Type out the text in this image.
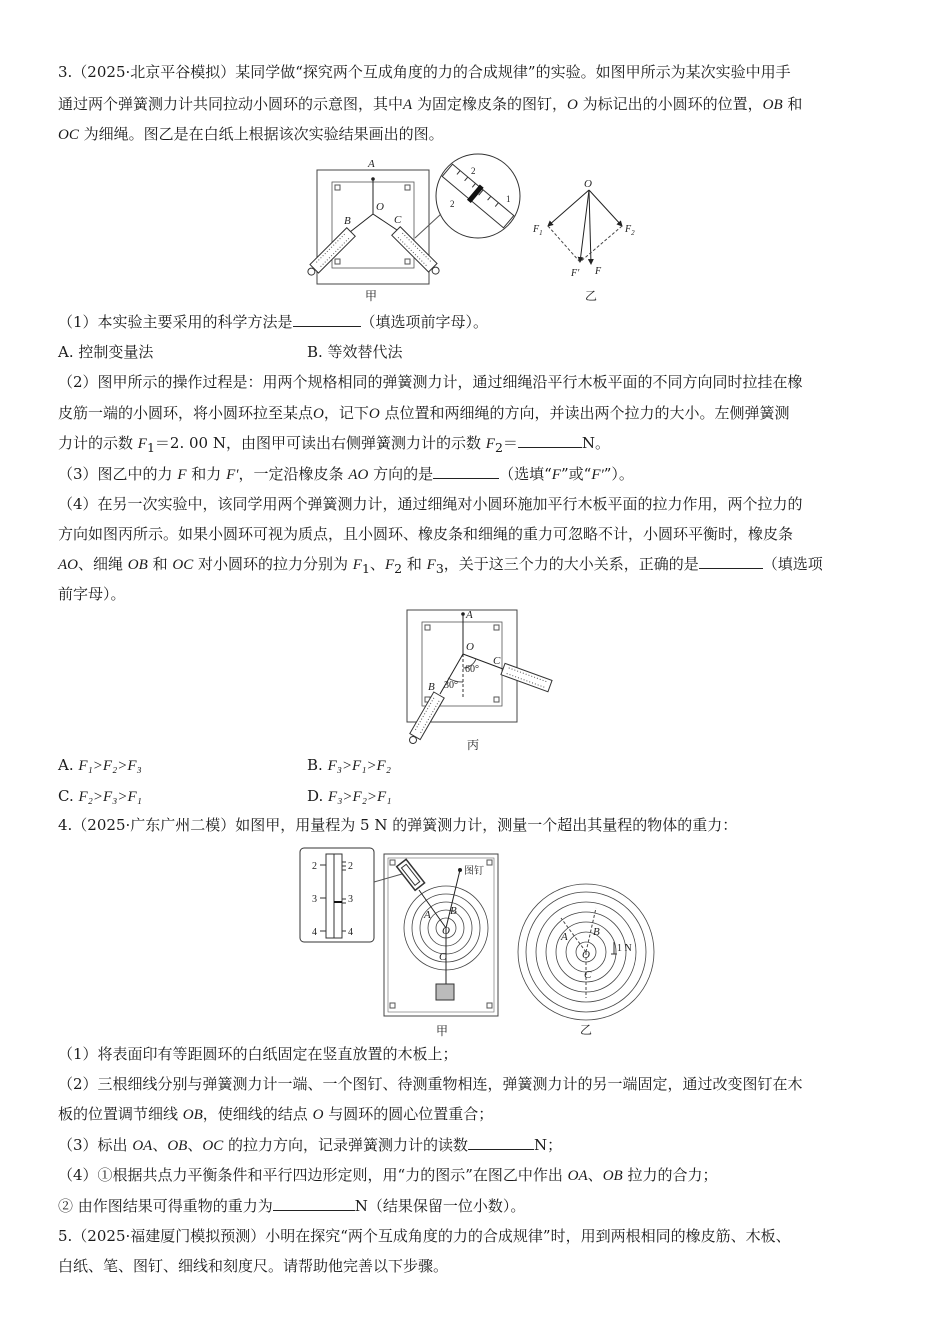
3.（2025·北京平谷模拟）某同学做“探究两个互成角度的力的合成规律”的实验。如图甲所示为某次实验中用手
通过两个弹簧测力计共同拉动小圆环的示意图，其中A 为固定橡皮条的图钉，O 为标记出的小圆环的位置，OB 和
OC 为细绳。图乙是在白纸上根据该次实验结果画出的图。
A
O
B	C
2
2	1
甲
O
$F_1$	$F_2$
F′ F
乙
（1）本实验主要采用的科学方法是	（填选项前字母）。
A. 控制变量法	B. 等效替代法
（2）图甲所示的操作过程是：用两个规格相同的弹簧测力计，通过细绳沿平行木板平面的不同方向同时拉挂在橡
皮筋一端的小圆环，将小圆环拉至某点O，记下O 点位置和两细绳的方向，并读出两个拉力的大小。左侧弹簧测
力计的示数 $F_1=2$. 00 N，由图甲可读出右侧弹簧测力计的示数 $F_2=$	N。
（3）图乙中的力 F 和力 F′，一定沿橡皮条 AO 方向的是	（选填“F”或“F′”）。
（4）在另一次实验中，该同学用两个弹簧测力计，通过细绳对小圆环施加平行木板平面的拉力作用，两个拉力的
方向如图丙所示。如果小圆环可视为质点，且小圆环、橡皮条和细绳的重力可忽略不计，小圆环平衡时，橡皮条
AO、细绳 OB 和 OC 对小圆环的拉力分别为 $F_1$、$F_2$ 和 $F_3$，关于这三个力的大小关系，正确的是	（填选项
前字母）。
A
O
B
C
60°
30°
丙
A. F₁>F₂>F₃	B. F₃>F₁>F₂
C. F₂>F₃>F₁	D. F₃>F₂>F₁
4.（2025·广东广州二模）如图甲，用量程为 5 N 的弹簧测力计，测量一个超出其量程的物体的重力：
2
3
4
2
3
4
图钉
A B
O
C
甲
A B
O
C
1 N
乙
（1）将表面印有等距圆环的白纸固定在竖直放置的木板上；
（2）三根细线分别与弹簧测力计一端、一个图钉、待测重物相连，弹簧测力计的另一端固定，通过改变图钉在木
板的位置调节细线 OB，使细线的结点 O 与圆环的圆心位置重合；
（3）标出 OA、OB、OC 的拉力方向，记录弹簧测力计的读数	N；
（4）①根据共点力平衡条件和平行四边形定则，用“力的图示”在图乙中作出 OA、OB 拉力的合力；
② 由作图结果可得重物的重力为	N（结果保留一位小数）。
5.（2025·福建厦门模拟预测）小明在探究“两个互成角度的力的合成规律”时，用到两根相同的橡皮筋、木板、
白纸、笔、图钉、细线和刻度尺。请帮助他完善以下步骤。
